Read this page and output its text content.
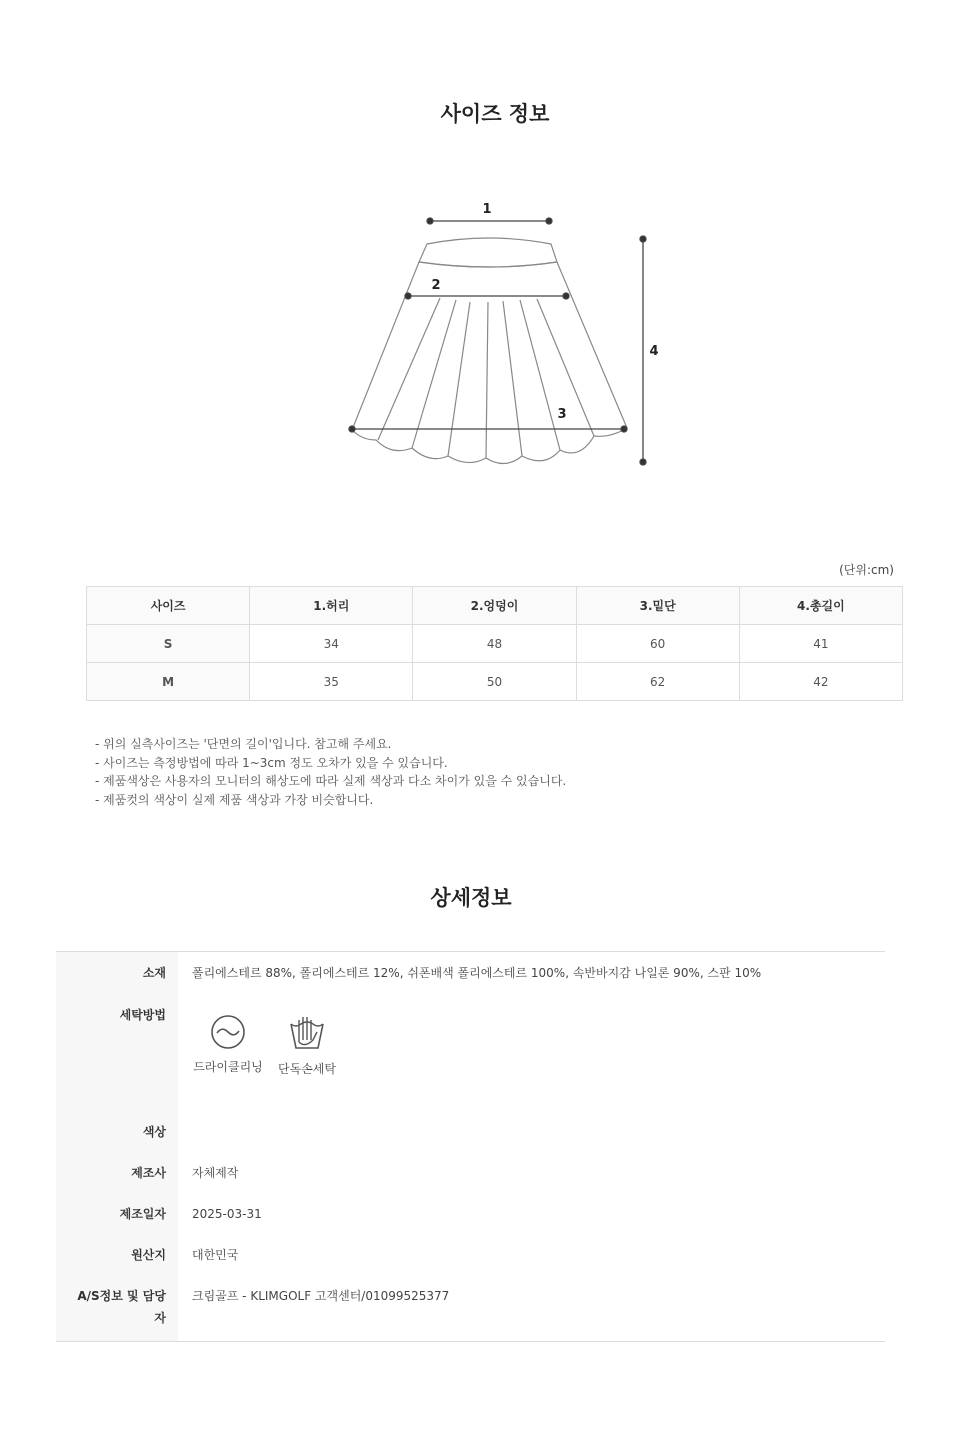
사이즈 정보
1
2
3
4
(단위:cm)
사이즈	1.허리	2.엉덩이	3.밑단	4.총길이
S	34	48	60	41
M	35	50	62	42
- 위의 실측사이즈는 '단면의 길이'입니다. 참고해 주세요.
- 사이즈는 측정방법에 따라 1~3cm 정도 오차가 있을 수 있습니다.
- 제품색상은 사용자의 모니터의 해상도에 따라 실제 색상과 다소 차이가 있을 수 있습니다.
- 제품컷의 색상이 실제 제품 색상과 가장 비슷합니다.
상세정보
소재 폴리에스테르 88%, 폴리에스테르 12%, 쉬폰배색 폴리에스테르 100%, 속반바지감 나일론 90%, 스판 10%
세탁방법
드라이클리닝	단독손세탁
색상
제조사 자체제작
제조일자 2025-03-31
원산지 대한민국
A/S정보 및 담당
자
크림골프 - KLIMGOLF 고객센터/01099525377
